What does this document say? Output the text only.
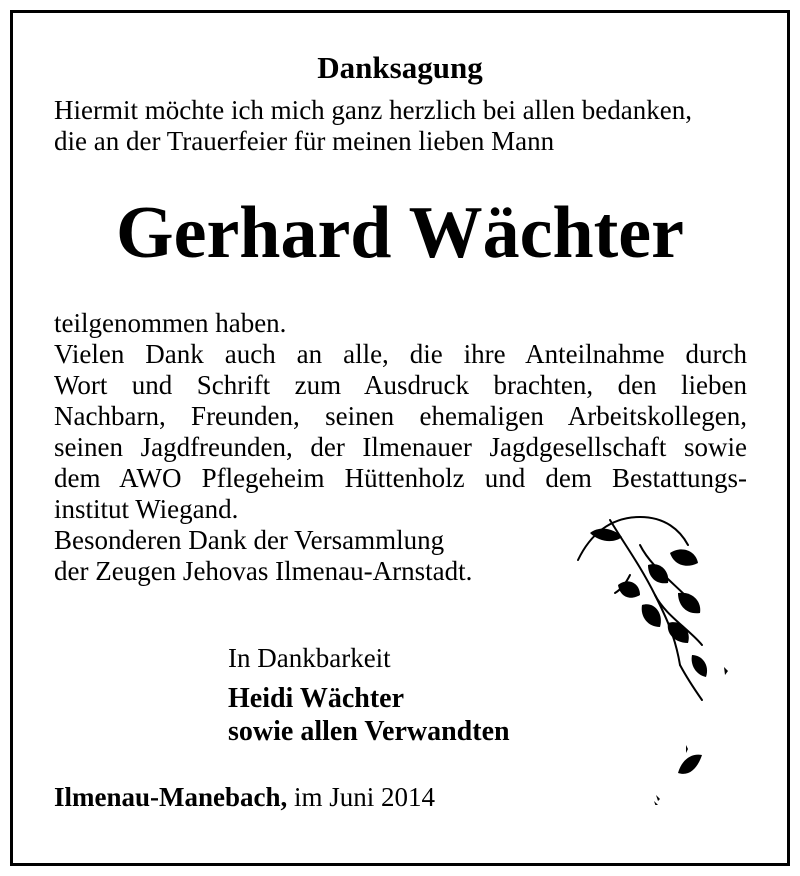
Danksagung
Hiermit möchte ich mich ganz herzlich bei allen bedanken,
die an der Trauerfeier für meinen lieben Mann
Gerhard Wächter
teilgenommen haben.
Vielen Dank auch an alle, die ihre Anteilnahme durch
Wort und Schrift zum Ausdruck brachten, den lieben
Nachbarn, Freunden, seinen ehemaligen Arbeitskollegen,
seinen Jagdfreunden, der Ilmenauer Jagdgesellschaft sowie
dem AWO Pflegeheim Hüttenholz und dem Bestattungs-
institut Wiegand.
Besonderen Dank der Versammlung
der Zeugen Jehovas Ilmenau-Arnstadt.
In Dankbarkeit
Heidi Wächter
sowie allen Verwandten
Ilmenau-Manebach, im Juni 2014
